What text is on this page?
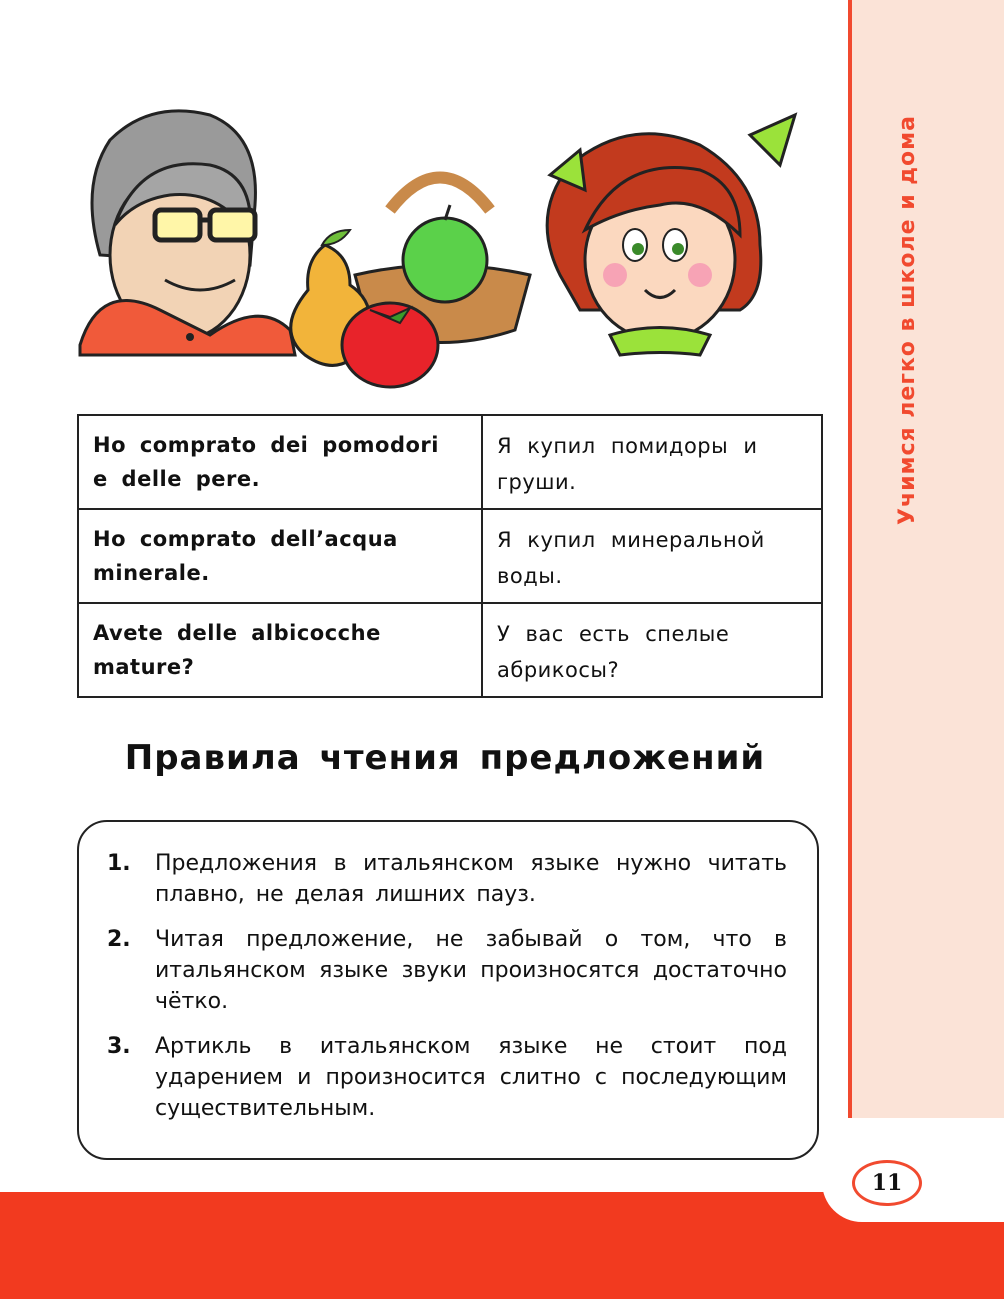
Учимся легко в школе и дома
Ho comprato dei pomodori e delle pere.	Я купил помидоры и груши.
Ho comprato dell’acqua minerale.	Я купил минеральной воды.
Avete delle albicocche mature?	У вас есть спелые абрикосы?
Правила чтения предложений
1.	Предложения в итальянском языке нужно читать плавно, не делая лишних пауз.
2.	Читая предложение, не забывай о том, что в итальянском языке звуки произносятся достаточно чётко.
3.	Артикль в итальянском языке не стоит под ударением и произносится слитно с последующим существительным.
11
